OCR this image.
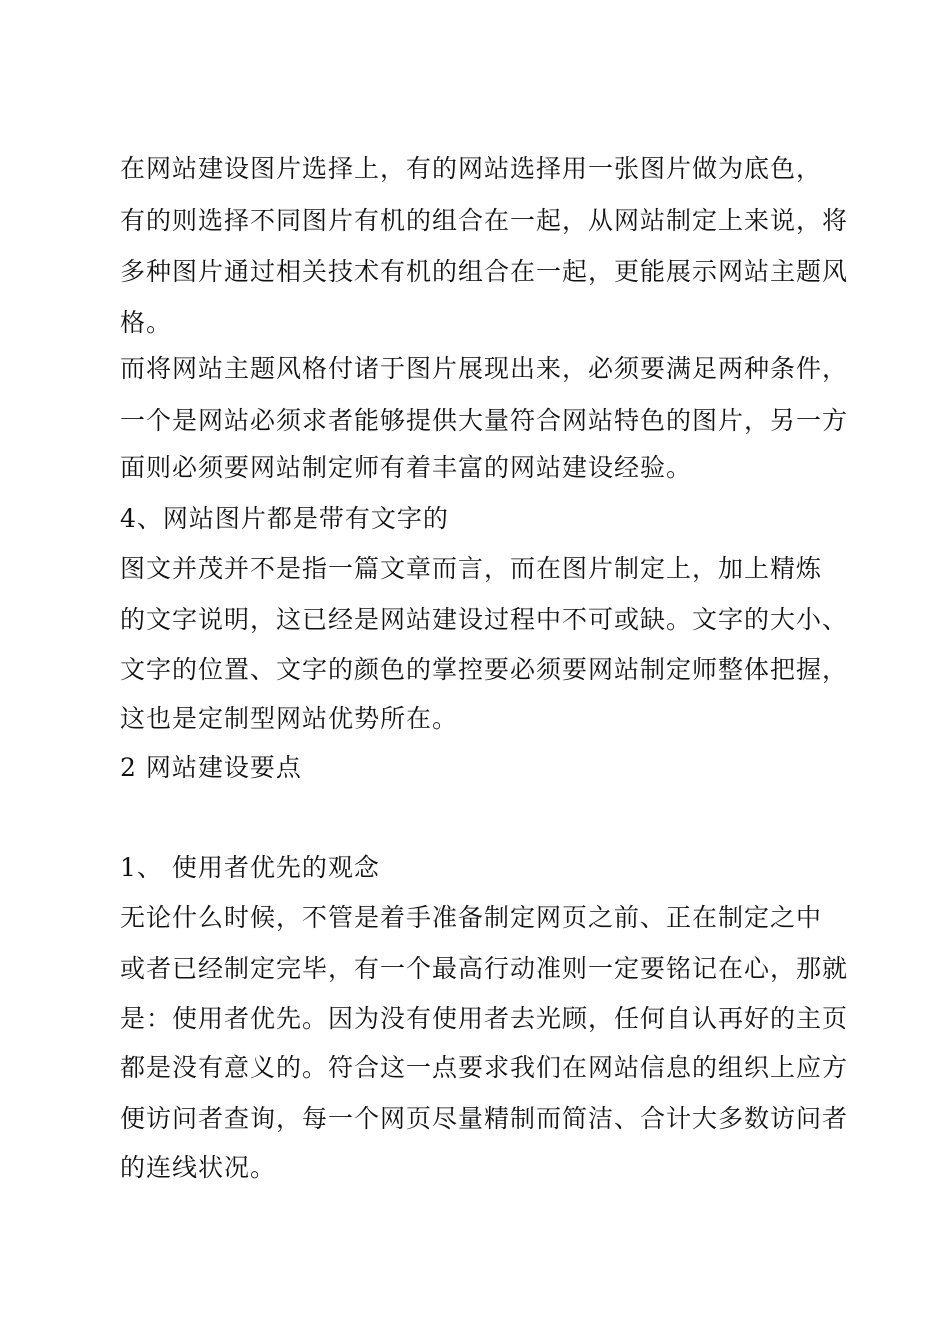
在网站建设图片选择上，有的网站选择用一张图片做为底色，
有的则选择不同图片有机的组合在一起，从网站制定上来说，将
多种图片通过相关技术有机的组合在一起，更能展示网站主题风
格。
而将网站主题风格付诸于图片展现出来，必须要满足两种条件，
一个是网站必须求者能够提供大量符合网站特色的图片，另一方
面则必须要网站制定师有着丰富的网站建设经验。
4、网站图片都是带有文字的
图文并茂并不是指一篇文章而言，而在图片制定上，加上精炼
的文字说明，这已经是网站建设过程中不可或缺。文字的大小、
文字的位置、文字的颜色的掌控要必须要网站制定师整体把握，
这也是定制型网站优势所在。
2 网站建设要点
1、 使用者优先的观念
无论什么时候，不管是着手准备制定网页之前、正在制定之中
或者已经制定完毕，有一个最高行动准则一定要铭记在心，那就
是：使用者优先。因为没有使用者去光顾，任何自认再好的主页
都是没有意义的。符合这一点要求我们在网站信息的组织上应方
便访问者查询，每一个网页尽量精制而简洁、合计大多数访问者
的连线状况。
